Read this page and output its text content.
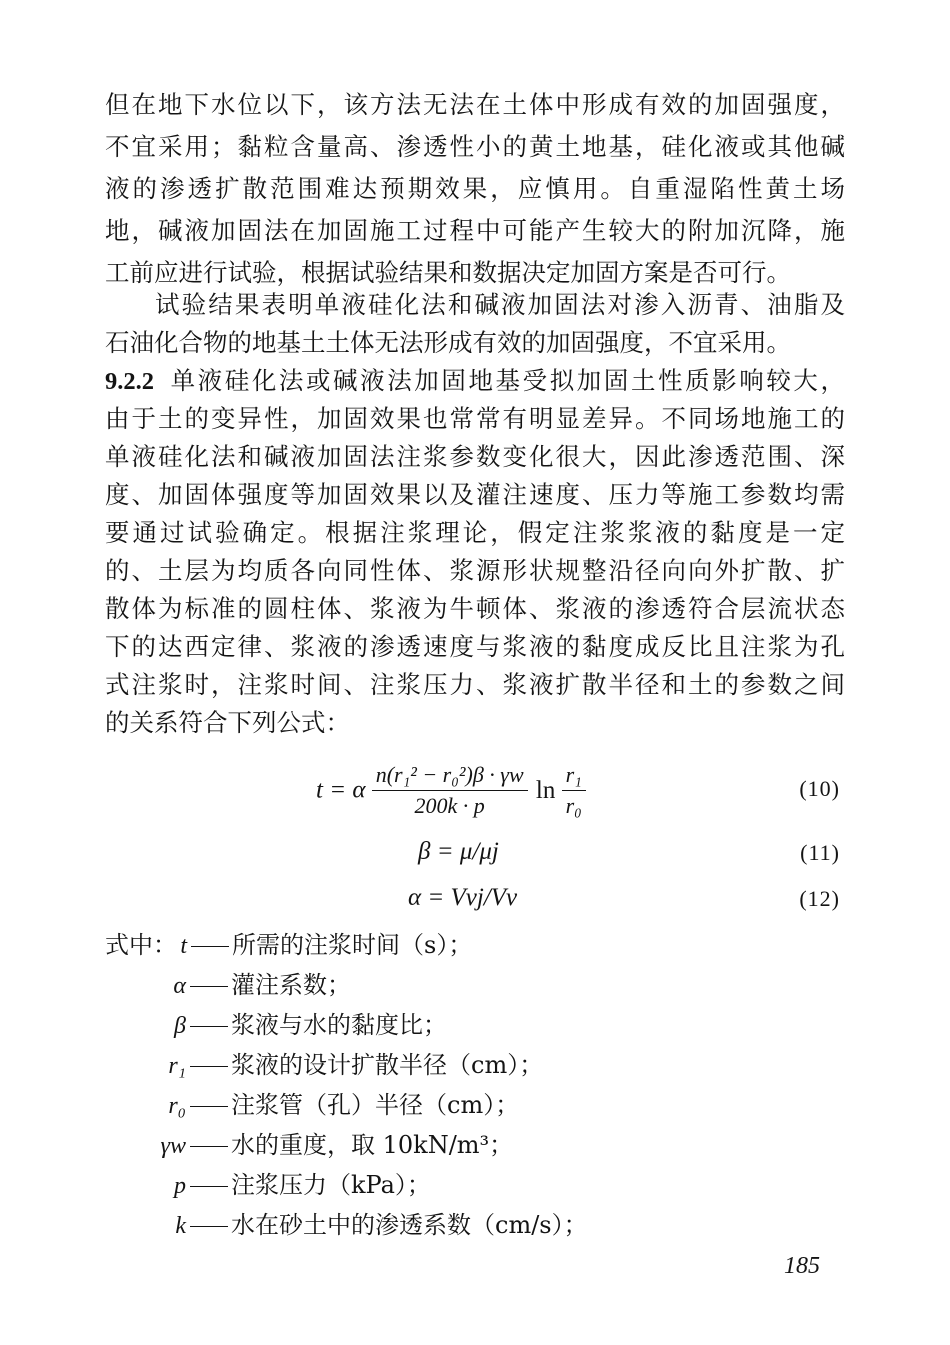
但在地下水位以下，该方法无法在土体中形成有效的加固强度，
不宜采用；黏粒含量高、渗透性小的黄土地基，硅化液或其他碱
液的渗透扩散范围难达预期效果，应慎用。自重湿陷性黄土场
地，碱液加固法在加固施工过程中可能产生较大的附加沉降，施
工前应进行试验，根据试验结果和数据决定加固方案是否可行。
试验结果表明单液硅化法和碱液加固法对渗入沥青、油脂及
石油化合物的地基土土体无法形成有效的加固强度，不宜采用。
9.2.2 单液硅化法或碱液法加固地基受拟加固土性质影响较大，
由于土的变异性，加固效果也常常有明显差异。不同场地施工的
单液硅化法和碱液加固法注浆参数变化很大，因此渗透范围、深
度、加固体强度等加固效果以及灌注速度、压力等施工参数均需
要通过试验确定。根据注浆理论，假定注浆浆液的黏度是一定
的、土层为均质各向同性体、浆源形状规整沿径向向外扩散、扩
散体为标准的圆柱体、浆液为牛顿体、浆液的渗透符合层流状态
下的达西定律、浆液的渗透速度与浆液的黏度成反比且注浆为孔
式注浆时，注浆时间、注浆压力、浆液扩散半径和土的参数之间
的关系符合下列公式：
t = α $\frac{\text{n(r₁² − r₀²)β · γw}}{200k \cdot p}$ $\ln \frac{\text{r₁}}{\text{r₀}}$	(10)
β = μ/μj	(11)
α = Vvj/Vv	(12)
式中： t 所需的注浆时间（s）；
α 灌注系数；
β 浆液与水的黏度比；
r₁ 浆液的设计扩散半径（cm）；
r₀ 注浆管（孔）半径（cm）；
γw 水的重度，取 10kN/m³；
p 注浆压力（kPa）；
k 水在砂土中的渗透系数（cm/s）；
185
